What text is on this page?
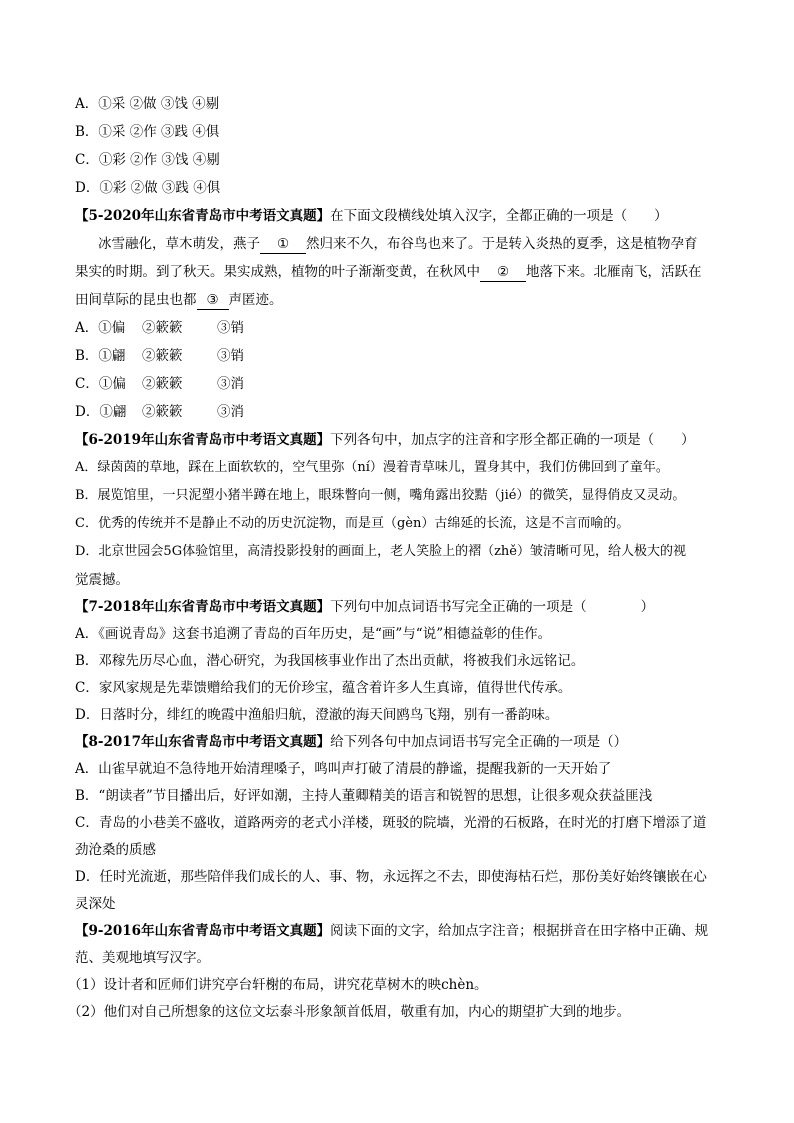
A．①采 ②做 ③饯 ④剔
B．①采 ②作 ③践 ④俱
C．①彩 ②作 ③饯 ④剔
D．①彩 ②做 ③践 ④俱
【5-2020年山东省青岛市中考语文真题】在下面文段横线处填入汉字，全都正确的一项是（　　）
冰雪融化，草木萌发，燕子 ① 然归来不久，布谷鸟也来了。于是转入炎热的夏季，这是植物孕育
果实的时期。到了秋天。果实成熟，植物的叶子渐渐变黄，在秋风中 ② 地落下来。北雁南飞，活跃在
田间草际的昆虫也都 ③ 声匿迹。
A．①偏 ②簌簌	③销
B．①翩 ②簌簌	③销
C．①偏 ②簌簌	③消
D．①翩 ②簌簌	③消
【6-2019年山东省青岛市中考语文真题】下列各句中，加点字的注音和字形全都正确的一项是（　　）
A．绿茵茵的草地，踩在上面软软的，空气里弥（ní）漫着青草味儿，置身其中，我们仿佛回到了童年。
B．展览馆里，一只泥塑小猪半蹲在地上，眼珠瞥向一侧，嘴角露出狡黠（jié）的微笑，显得俏皮又灵动。
C．优秀的传统并不是静止不动的历史沉淀物，而是亘（gèn）古绵延的长流，这是不言而喻的。
D．北京世园会5G体验馆里，高清投影投射的画面上，老人笑脸上的褶（zhě）皱清晰可见，给人极大的视
觉震撼。
【7-2018年山东省青岛市中考语文真题】下列句中加点词语书写完全正确的一项是（　　　　）
A．《画说青岛》这套书追溯了青岛的百年历史，是“画”与“说”相德益彰的佳作。
B．邓稼先历尽心血，潜心研究，为我国核事业作出了杰出贡献，将被我们永远铭记。
C．家风家规是先辈馈赠给我们的无价珍宝，蕴含着许多人生真谛，值得世代传承。
D．日落时分，绯红的晚霞中渔船归航，澄澈的海天间鸥鸟飞翔，别有一番韵味。
【8-2017年山东省青岛市中考语文真题】给下列各句中加点词语书写完全正确的一项是（）
A．山雀早就迫不急待地开始清理嗓子，鸣叫声打破了清晨的静谧，提醒我新的一天开始了
B．“朗读者”节目播出后，好评如潮，主持人董卿精美的语言和锐智的思想，让很多观众获益匪浅
C．青岛的小巷美不盛收，道路两旁的老式小洋楼，斑驳的院墙，光滑的石板路，在时光的打磨下增添了道
劲沧桑的质感
D．任时光流逝，那些陪伴我们成长的人、事、物，永远挥之不去，即使海枯石烂，那份美好始终镶嵌在心
灵深处
【9-2016年山东省青岛市中考语文真题】阅读下面的文字，给加点字注音；根据拼音在田字格中正确、规
范、美观地填写汉字。
（1）设计者和匠师们讲究亭台轩榭的布局，讲究花草树木的映chèn。
（2）他们对自己所想象的这位文坛泰斗形象颔首低眉，敬重有加，内心的期望扩大到的地步。
